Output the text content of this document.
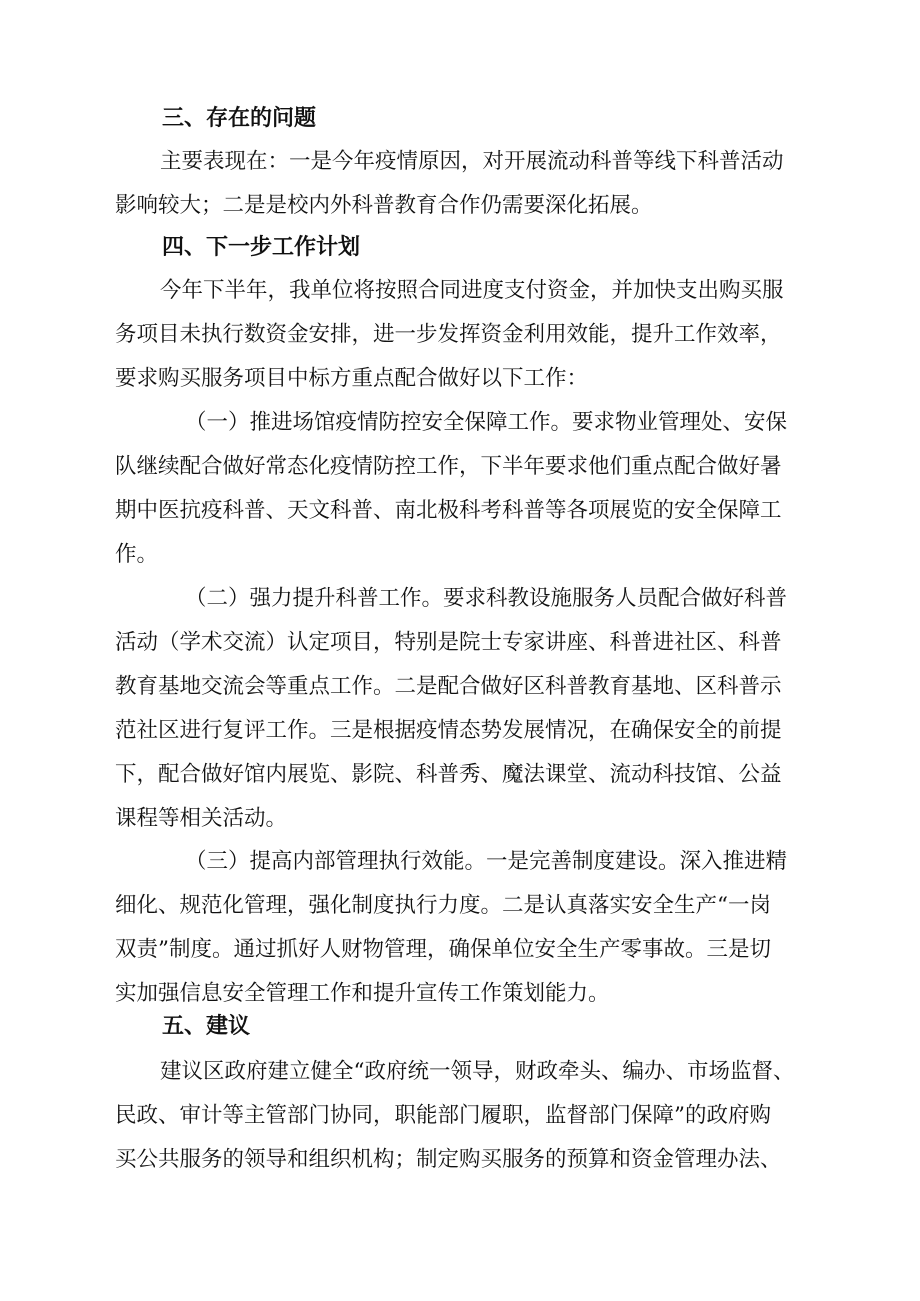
三、存在的问题
主要表现在：一是今年疫情原因，对开展流动科普等线下科普活动
影响较大；二是是校内外科普教育合作仍需要深化拓展。
四、下一步工作计划
今年下半年，我单位将按照合同进度支付资金，并加快支出购买服
务项目未执行数资金安排，进一步发挥资金利用效能，提升工作效率，
要求购买服务项目中标方重点配合做好以下工作：
（一）推进场馆疫情防控安全保障工作。要求物业管理处、安保
队继续配合做好常态化疫情防控工作，下半年要求他们重点配合做好暑
期中医抗疫科普、天文科普、南北极科考科普等各项展览的安全保障工
作。
（二）强力提升科普工作。要求科教设施服务人员配合做好科普
活动（学术交流）认定项目，特别是院士专家讲座、科普进社区、科普
教育基地交流会等重点工作。二是配合做好区科普教育基地、区科普示
范社区进行复评工作。三是根据疫情态势发展情况，在确保安全的前提
下，配合做好馆内展览、影院、科普秀、魔法课堂、流动科技馆、公益
课程等相关活动。
（三）提高内部管理执行效能。一是完善制度建设。深入推进精
细化、规范化管理，强化制度执行力度。二是认真落实安全生产“一岗
双责”制度。通过抓好人财物管理，确保单位安全生产零事故。三是切
实加强信息安全管理工作和提升宣传工作策划能力。
五、建议
建议区政府建立健全“政府统一领导，财政牵头、编办、市场监督、
民政、审计等主管部门协同，职能部门履职，监督部门保障”的政府购
买公共服务的领导和组织机构；制定购买服务的预算和资金管理办法、
